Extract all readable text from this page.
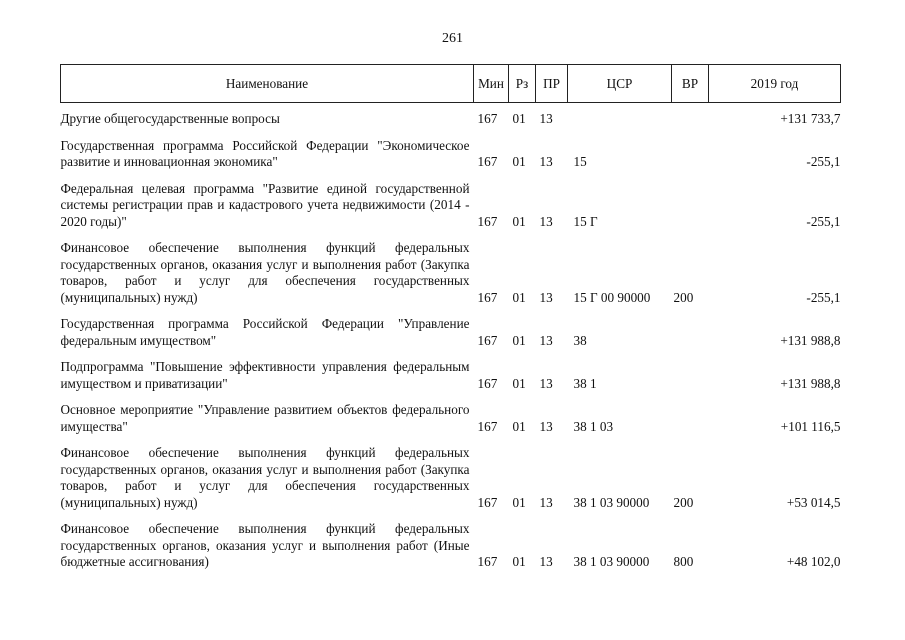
261
Наименование	Мин	Рз	ПР	ЦСР	ВР	2019 год
Другие общегосударственные вопросы	167	01	13			+131 733,7
Государственная программа Российской Федерации "Экономическое развитие и инновационная экономика"	167	01	13	15		-255,1
Федеральная целевая программа "Развитие единой государственной системы регистрации прав и кадастрового учета недвижимости (2014 - 2020 годы)"	167	01	13	15 Г		-255,1
Финансовое обеспечение выполнения функций федеральных государственных органов, оказания услуг и выполнения работ (Закупка товаров, работ и услуг для обеспечения государственных (муниципальных) нужд)	167	01	13	15 Г 00 90000	200	-255,1
Государственная программа Российской Федерации "Управление федеральным имуществом"	167	01	13	38		+131 988,8
Подпрограмма "Повышение эффективности управления федеральным имуществом и приватизации"	167	01	13	38 1		+131 988,8
Основное мероприятие "Управление развитием объектов федерального имущества"	167	01	13	38 1 03		+101 116,5
Финансовое обеспечение выполнения функций федеральных государственных органов, оказания услуг и выполнения работ (Закупка товаров, работ и услуг для обеспечения государственных (муниципальных) нужд)	167	01	13	38 1 03 90000	200	+53 014,5
Финансовое обеспечение выполнения функций федеральных государственных органов, оказания услуг и выполнения работ (Иные бюджетные ассигнования)	167	01	13	38 1 03 90000	800	+48 102,0
